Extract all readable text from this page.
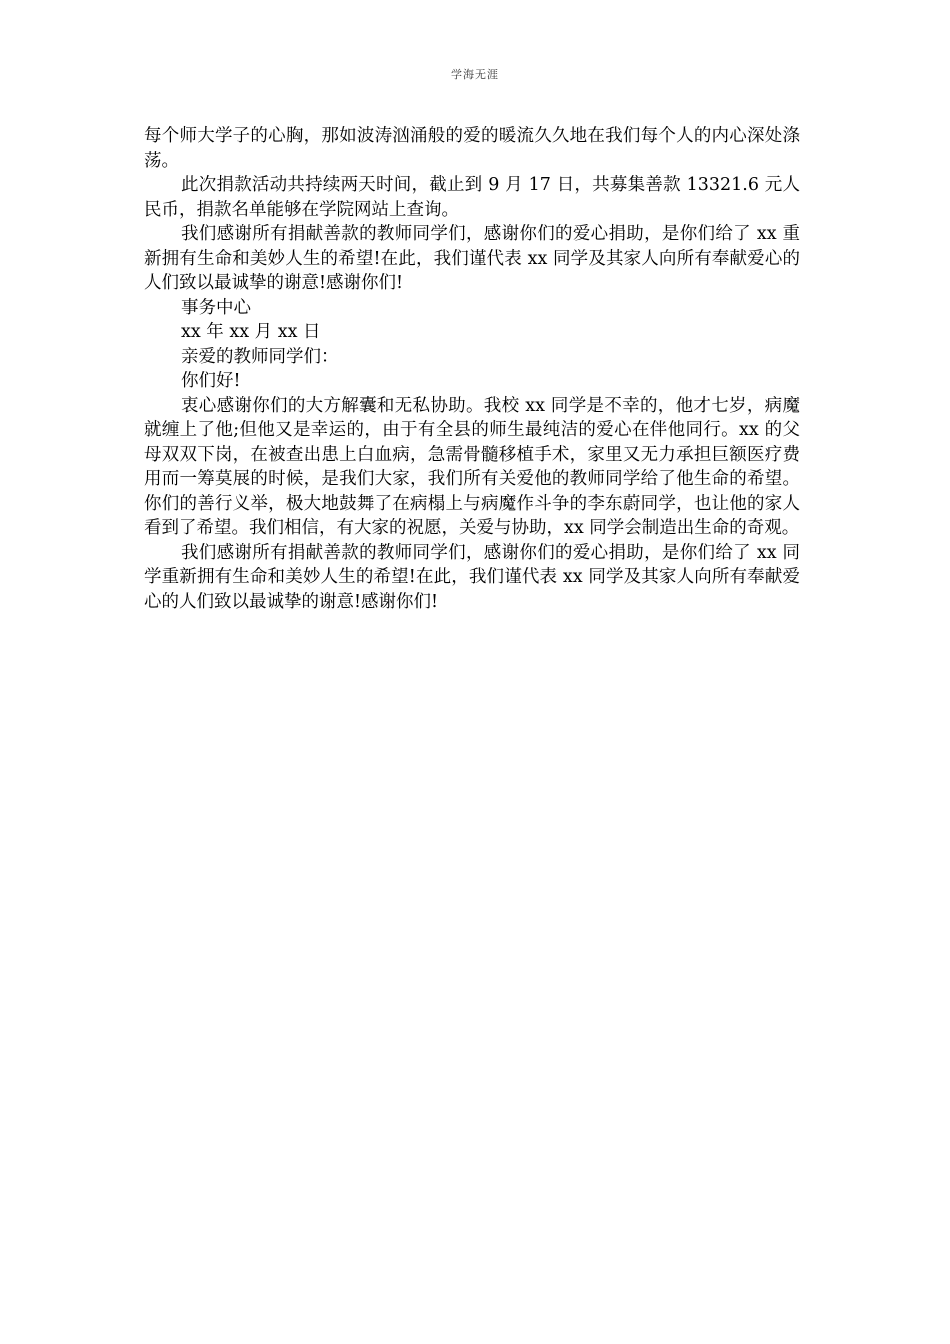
学海无涯

每个师大学子的心胸，那如波涛汹涌般的爱的暖流久久地在我们每个人的内心深处涤荡。

此次捐款活动共持续两天时间，截止到 9 月 17 日，共募集善款 13321.6 元人民币，捐款名单能够在学院网站上查询。

我们感谢所有捐献善款的教师同学们，感谢你们的爱心捐助，是你们给了 xx 重新拥有生命和美妙人生的希望!在此，我们谨代表 xx 同学及其家人向所有奉献爱心的人们致以最诚挚的谢意!感谢你们!

事务中心

xx 年 xx 月 xx 日

亲爱的教师同学们：

你们好!

衷心感谢你们的大方解囊和无私协助。我校 xx 同学是不幸的，他才七岁，病魔就缠上了他;但他又是幸运的，由于有全县的师生最纯洁的爱心在伴他同行。xx 的父母双双下岗，在被查出患上白血病，急需骨髓移植手术，家里又无力承担巨额医疗费用而一筹莫展的时候，是我们大家，我们所有关爱他的教师同学给了他生命的希望。你们的善行义举，极大地鼓舞了在病榻上与病魔作斗争的李东蔚同学，也让他的家人看到了希望。我们相信，有大家的祝愿，关爱与协助，xx 同学会制造出生命的奇观。

我们感谢所有捐献善款的教师同学们，感谢你们的爱心捐助，是你们给了 xx 同学重新拥有生命和美妙人生的希望!在此，我们谨代表 xx 同学及其家人向所有奉献爱心的人们致以最诚挚的谢意!感谢你们!
